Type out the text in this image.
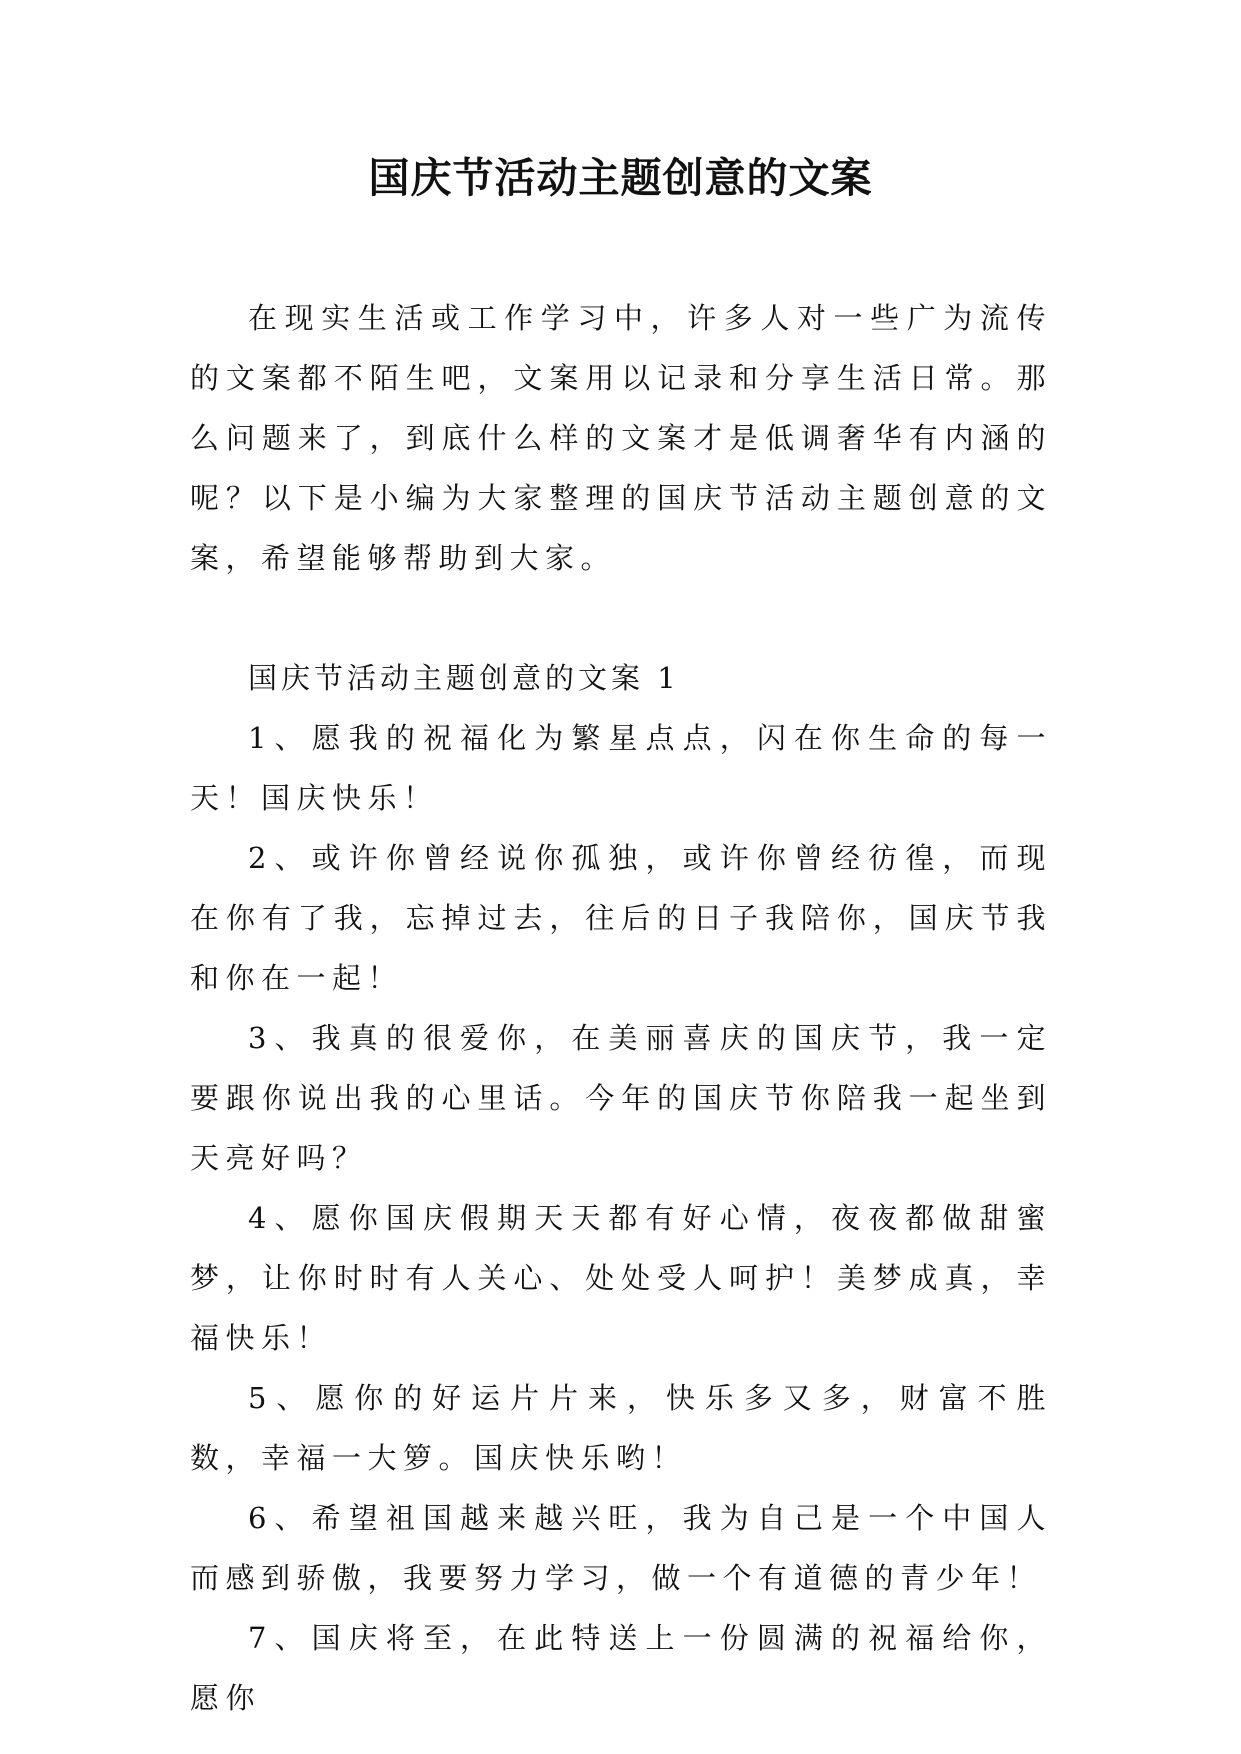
国庆节活动主题创意的文案

在现实生活或工作学习中，许多人对一些广为流传的文案都不陌生吧，文案用以记录和分享生活日常。那么问题来了，到底什么样的文案才是低调奢华有内涵的呢？以下是小编为大家整理的国庆节活动主题创意的文案，希望能够帮助到大家。

国庆节活动主题创意的文案 1

1、愿我的祝福化为繁星点点，闪在你生命的每一天！国庆快乐！

2、或许你曾经说你孤独，或许你曾经彷徨，而现在你有了我，忘掉过去，往后的日子我陪你，国庆节我和你在一起！

3、我真的很爱你，在美丽喜庆的国庆节，我一定要跟你说出我的心里话。今年的国庆节你陪我一起坐到天亮好吗？

4、愿你国庆假期天天都有好心情，夜夜都做甜蜜梦，让你时时有人关心、处处受人呵护！美梦成真，幸福快乐！

5、愿你的好运片片来，快乐多又多，财富不胜数，幸福一大箩。国庆快乐哟！

6、希望祖国越来越兴旺，我为自己是一个中国人而感到骄傲，我要努力学习，做一个有道德的青少年！

7、国庆将至，在此特送上一份圆满的祝福给你，愿你
